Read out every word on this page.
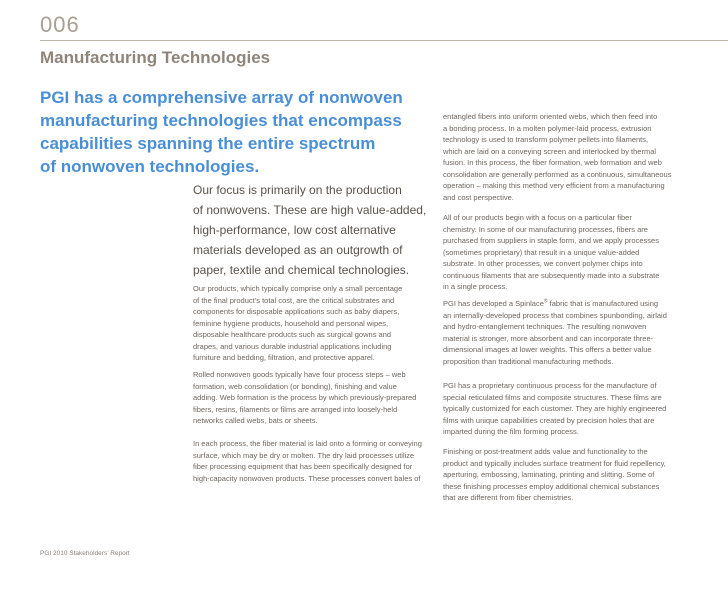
006
Manufacturing Technologies

PGI has a comprehensive array of nonwoven
manufacturing technologies that encompass
capabilities spanning the entire spectrum
of nonwoven technologies.

Our focus is primarily on the production
of nonwovens. These are high value-added,
high-performance, low cost alternative
materials developed as an outgrowth of
paper, textile and chemical technologies.

Our products, which typically comprise only a small percentage
of the final product’s total cost, are the critical substrates and
components for disposable applications such as baby diapers,
feminine hygiene products, household and personal wipes,
disposable healthcare products such as surgical gowns and
drapes, and various durable industrial applications including
furniture and bedding, filtration, and protective apparel.

Rolled nonwoven goods typically have four process steps – web
formation, web consolidation (or bonding), finishing and value
adding. Web formation is the process by which previously-prepared
fibers, resins, filaments or films are arranged into loosely-held
networks called webs, bats or sheets.

In each process, the fiber material is laid onto a forming or conveying
surface, which may be dry or molten. The dry laid processes utilize
fiber processing equipment that has been specifically designed for
high-capacity nonwoven products. These processes convert bales of

entangled fibers into uniform oriented webs, which then feed into
a bonding process. In a molten polymer-laid process, extrusion
technology is used to transform polymer pellets into filaments,
which are laid on a conveying screen and interlocked by thermal
fusion. In this process, the fiber formation, web formation and web
consolidation are generally performed as a continuous, simultaneous
operation – making this method very efficient from a manufacturing
and cost perspective.

All of our products begin with a focus on a particular fiber
chemistry. In some of our manufacturing processes, fibers are
purchased from suppliers in staple form, and we apply processes
(sometimes proprietary) that result in a unique value-added
substrate. In other processes, we convert polymer chips into
continuous filaments that are subsequently made into a substrate
in a single process.

PGI has developed a Spinlace® fabric that is manufactured using
an internally-developed process that combines spunbonding, airlaid
and hydro-entanglement techniques. The resulting nonwoven
material is stronger, more absorbent and can incorporate three-
dimensional images at lower weights. This offers a better value
proposition than traditional manufacturing methods.

PGI has a proprietary continuous process for the manufacture of
special reticulated films and composite structures. These films are
typically customized for each customer. They are highly engineered
films with unique capabilities created by precision holes that are
imparted during the film forming process.

Finishing or post-treatment adds value and functionality to the
product and typically includes surface treatment for fluid repellency,
aperturing, embossing, laminating, printing and slitting. Some of
these finishing processes employ additional chemical substances
that are different from fiber chemistries.

PGI 2010 Stakeholders’ Report
